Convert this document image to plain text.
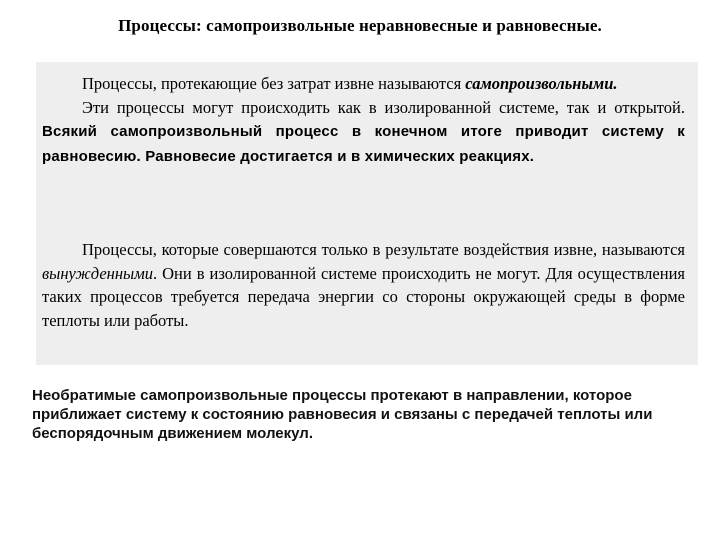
Процессы: самопроизвольные неравновесные и равновесные.
Процессы, протекающие без затрат извне называются самопроизвольными.
Эти процессы могут происходить как в изолированной системе, так и открытой. Всякий самопроизвольный процесс в конечном итоге приводит систему к равновесию. Равновесие достигается и в химических реакциях.
Процессы, которые совершаются только в результате воздействия извне, называются вынужденными. Они в изолированной системе происходить не могут. Для осуществления таких процессов требуется передача энергии со стороны окружающей среды в форме теплоты или работы.
Необратимые самопроизвольные процессы протекают в направлении, которое приближает систему к состоянию равновесия и связаны с передачей теплоты или беспорядочным движением молекул.
